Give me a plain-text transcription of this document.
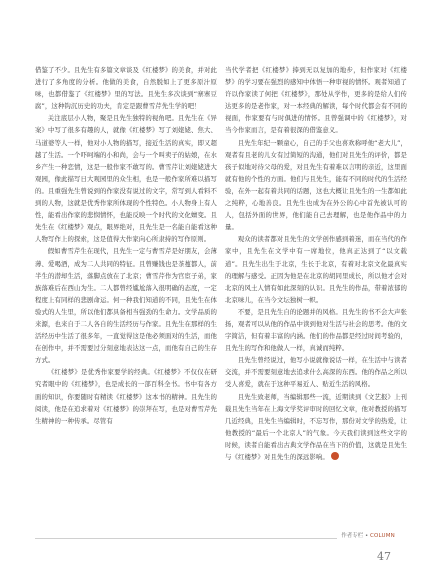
借鉴了不少。且先生有多篇文章谈及《红楼梦》的美食，并对此进行了多角度的分析。他做的美食，自然脱如上了更多原汁原味，也都借鉴了《红楼梦》里的写法。且先生多次谈到“寨寨豆腐”，这种钩沉历史的功夫，肯定是跟曹雪芹先生学的吧！

关注底层小人物，聚是且先生独特的视角吧。且先生在《异案》中写了很多有趣的人，就像《红楼梦》写了刘姥姥、焦大、马道婆等人一样，他对小人物的描写，接近生活的真实，即又超越了生活。一个吓呵端的小和尚，会与一个叫卖子的姑娘，在水乡产生一种恋情，这是一般作家不敢写的。曹雪芹让刘姥姥进大观园，像此描写日大观园里的众生相，也是一般作家所难以描写的。且重强先生曾说到的作家没有说过的文字，常写到人看料不到的人物，这就是优秀作家所体现的个性特色。小人物身上有人性，能看出作家的悲悯情怀，也能反映一个时代的文化嬗变。且先生在《红楼梦》观点，眼界绝对，且先生是一名能自能看这种人物写作上的探索，这是值得大作家向心所隶持的写作原则。

假如曹雪芹生在现代，且先生一定与曹雪芹是好朋友，会薄薄、爱喝酒，成为二人共同的特征。且曾赚钱也是茶蔓都人，前半生的潜却生活，落脚点放在了北京；曹雪芹作为官宦子弟，家族落难后在西山为生。二人都曾经尴尬落入很明确的态度，一定程度上有同样的悲剧命运。何一种我们知道的不同，且先生在体验式的人生里，所以他们都具备相当强劲的生命力。文学品质的来源，也来自于二人各自的生活经历与作家。且先生在那样的生活经历中生活了很多年，一直觉得这是他必须面对的生活，而他在创作中，并不需要过分刻意地表达这一点，而他有自己的生存方式。

《红楼梦》是优秀作家要学的经典。《红楼梦》不仅仅在研究者眼中的《红楼梦》，也是成长的一部百科全书。书中有各方面的知识，你要随时有精读《红楼梦》这本书的精神。且先生的阅读，他是在追求着对《红楼梦》的崇拜在写，也是对曹雪芹先生精神的一种传承。尽管有

当代学者把《红楼梦》捧到无以复加的地步，但作家对《红楼梦》的学习要在强烈的感知中体悟一种审视的情怀。观者知道了许以作家读了何把《红楼梦》，那处从学作，更多的是给人们传达更多的是老作家，对一本经典的解读，每个时代都会有不同的视面，作家要有与时俱进的情怀。且曾强调中的《红楼梦》，对当今作家而言，是有着很深的借鉴意义。

且先生年纪一颗童心，自己的手父也喜欢称呼他“老大儿”，观者有且老的儿女有过简短的沟通，他们对且先生的评价，都是孩子似地对待父母的爱，对且先生有着难以言明的亲近，这里面就有他的个性的方面。他们与且先生，能有不同的时代的生活经验，在外一起有着共同的话题，这也大概让且先生的一生都如此之纯粹，心地善良。且先生也成为在外公的心中首先被认可的人，包括外面的世界，他们能自己去理解，也是他作品中的力量。

观众的读者都对且先生的文学创作感到着迷，而在当代的作家中，且先生在文学中有一席地位，他真正达到了“以文载道”。且先生出生于北京，生长于北京，有着对北京文化最真实的理解与感受。正因为他是在北京的胡同里成长，所以他才会对北京的风土人情有如此深刻的认识。且先生的作品，带着浓郁的北京味儿，在当今文坛独树一帜。

不要，是且先生自的论题并的风格。且先生的书不会大声张扬，观者可以从他的作品中读到他对生活与社会的思考。他的文字简洁，但有着丰富的内涵。他们的作品都是经过时间考验的，且先生的写作和他做人一样，真诚而纯粹。

且先生曾经说过，他写小说就像说话一样，在生活中与读者交流，并不需要刻意地去追求什么高深的东西。他的作品之所以受人喜爱，就在于这种平易近人、贴近生活的风格。

且先生致老师，当编辑那些一流，近期读到《文艺报》上刊载且先生当年在上海文学奖评审时的回忆文章，他对教授的描写几近经典，且先生当编辑时，不忘写作，那份对文学的热爱，让他教授的“最后一个北京人”的气象。今天我们读到这些文字的时候，读者自能看出古典文学作品在当下的价值，这就是且先生与《红楼梦》对且先生的深远影响。

作者专栏 • COLUMN
47
